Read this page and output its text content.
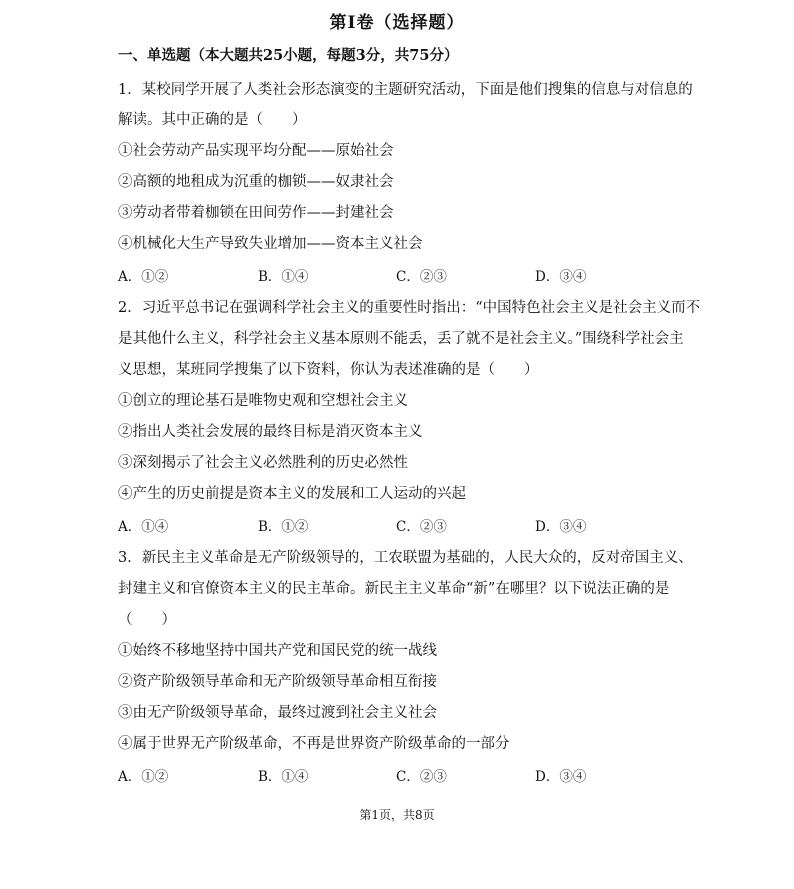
第Ⅰ卷（选择题）
一、单选题（本大题共25小题，每题3分，共75分）
1．某校同学开展了人类社会形态演变的主题研究活动，下面是他们搜集的信息与对信息的
解读。其中正确的是（　　）
①社会劳动产品实现平均分配——原始社会
②高额的地租成为沉重的枷锁——奴隶社会
③劳动者带着枷锁在田间劳作——封建社会
④机械化大生产导致失业增加——资本主义社会
A．①②	B．①④	C．②③	D．③④
2．习近平总书记在强调科学社会主义的重要性时指出：“中国特色社会主义是社会主义而不
是其他什么主义，科学社会主义基本原则不能丢，丢了就不是社会主义。”围绕科学社会主
义思想，某班同学搜集了以下资料，你认为表述准确的是（　　）
①创立的理论基石是唯物史观和空想社会主义
②指出人类社会发展的最终目标是消灭资本主义
③深刻揭示了社会主义必然胜利的历史必然性
④产生的历史前提是资本主义的发展和工人运动的兴起
A．①④	B．①②	C．②③	D．③④
3．新民主主义革命是无产阶级领导的，工农联盟为基础的，人民大众的，反对帝国主义、
封建主义和官僚资本主义的民主革命。新民主主义革命“新”在哪里？以下说法正确的是
（　　）
①始终不移地坚持中国共产党和国民党的统一战线
②资产阶级领导革命和无产阶级领导革命相互衔接
③由无产阶级领导革命，最终过渡到社会主义社会
④属于世界无产阶级革命，不再是世界资产阶级革命的一部分
A．①②	B．①④	C．②③	D．③④
第1页，共8页
